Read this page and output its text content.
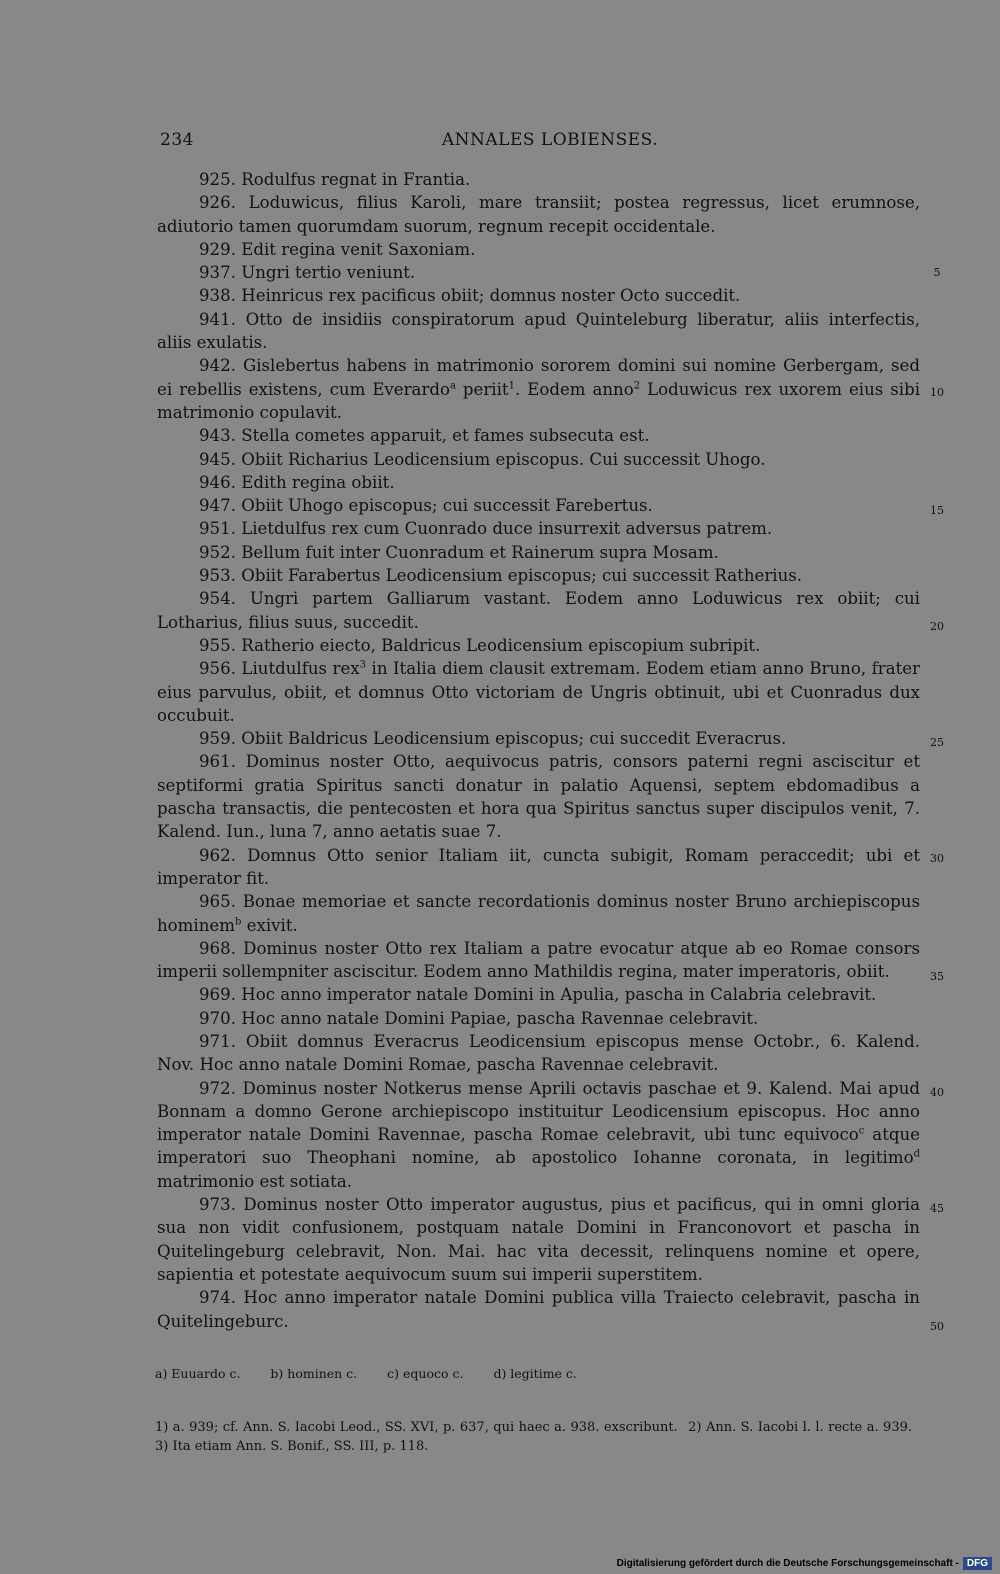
234	ANNALES LOBIENSES.

925. Rodulfus regnat in Frantia.

926. Loduwicus, filius Karoli, mare transiit; postea regressus, licet erumnose, adiutorio tamen quorumdam suorum, regnum recepit occidentale.

929. Edit regina venit Saxoniam.

937. Ungri tertio veniunt.

938. Heinricus rex pacificus obiit; domnus noster Octo succedit.

941. Otto de insidiis conspiratorum apud Quinteleburg liberatur, aliis interfectis, aliis exulatis.

942. Gislebertus habens in matrimonio sororem domini sui nomine Gerbergam, sed ei rebellis existens, cum Everardo$^a$ periit$^1$. Eodem anno$^2$ Loduwicus rex uxorem eius sibi matrimonio copulavit.

943. Stella cometes apparuit, et fames subsecuta est.

945. Obiit Richarius Leodicensium episcopus. Cui successit Uhogo.

946. Edith regina obiit.

947. Obiit Uhogo episcopus; cui successit Farebertus.

951. Lietdulfus rex cum Cuonrado duce insurrexit adversus patrem.

952. Bellum fuit inter Cuonradum et Rainerum supra Mosam.

953. Obiit Farabertus Leodicensium episcopus; cui successit Ratherius.

954. Ungri partem Galliarum vastant. Eodem anno Loduwicus rex obiit; cui Lotharius, filius suus, succedit.

955. Ratherio eiecto, Baldricus Leodicensium episcopium subripit.

956. Liutdulfus rex$^3$ in Italia diem clausit extremam. Eodem etiam anno Bruno, frater eius parvulus, obiit, et domnus Otto victoriam de Ungris obtinuit, ubi et Cuonradus dux occubuit.

959. Obiit Baldricus Leodicensium episcopus; cui succedit Everacrus.

961. Dominus noster Otto, aequivocus patris, consors paterni regni asciscitur et septiformi gratia Spiritus sancti donatur in palatio Aquensi, septem ebdomadibus a pascha transactis, die pentecosten et hora qua Spiritus sanctus super discipulos venit, 7. Kalend. Iun., luna 7, anno aetatis suae 7.

962. Domnus Otto senior Italiam iit, cuncta subigit, Romam peraccedit; ubi et imperator fit.

965. Bonae memoriae et sancte recordationis dominus noster Bruno archiepiscopus hominem$^b$ exivit.

968. Dominus noster Otto rex Italiam a patre evocatur atque ab eo Romae consors imperii sollempniter asciscitur. Eodem anno Mathildis regina, mater imperatoris, obiit.

969. Hoc anno imperator natale Domini in Apulia, pascha in Calabria celebravit.

970. Hoc anno natale Domini Papiae, pascha Ravennae celebravit.

971. Obiit domnus Everacrus Leodicensium episcopus mense Octobr., 6. Kalend. Nov. Hoc anno natale Domini Romae, pascha Ravennae celebravit.

972. Dominus noster Notkerus mense Aprili octavis paschae et 9. Kalend. Mai apud Bonnam a domno Gerone archiepiscopo instituitur Leodicensium episcopus. Hoc anno imperator natale Domini Ravennae, pascha Romae celebravit, ubi tunc equivoco$^c$ atque imperatori suo Theophani nomine, ab apostolico Iohanne coronata, in legitimo$^d$ matrimonio est sotiata.

973. Dominus noster Otto imperator augustus, pius et pacificus, qui in omni gloria sua non vidit confusionem, postquam natale Domini in Franconovort et pascha in Quitelingeburg celebravit, Non. Mai. hac vita decessit, relinquens nomine et opere, sapientia et potestate aequivocum suum sui imperii superstitem.

974. Hoc anno imperator natale Domini publica villa Traiecto celebravit, pascha in Quitelingeburc.

5
10
15
20
25
30
35
40
45
50
a) Euuardo c. b) hominen c. c) equoco c. d) legitime c.
1) a. 939; cf. Ann. S. Iacobi Leod., SS. XVI, p. 637, qui haec a. 938. exscribunt. 2) Ann. S. Iacobi l. l. recte a. 939. 3) Ita etiam Ann. S. Bonif., SS. III, p. 118.
Digitalisierung gefördert durch die Deutsche Forschungsgemeinschaft - DFG
